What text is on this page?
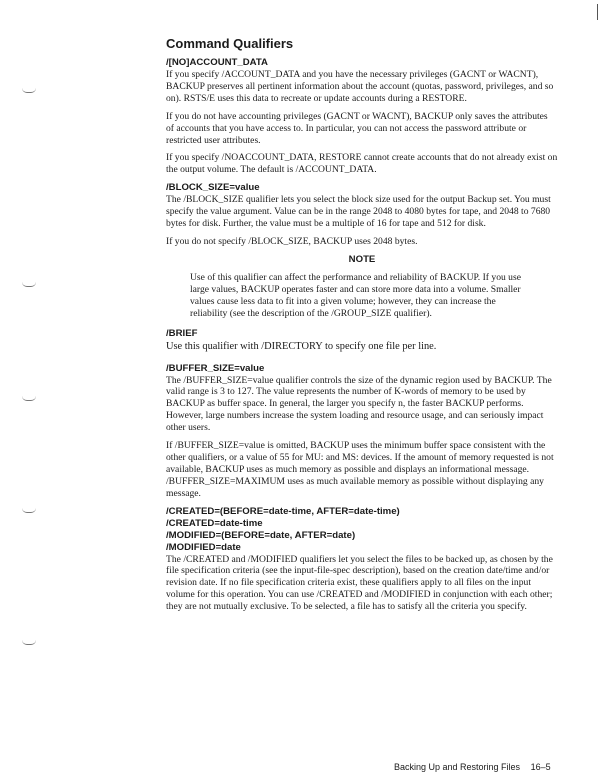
Command Qualifiers
/[NO]ACCOUNT_DATA

If you specify /ACCOUNT_DATA and you have the necessary privileges (GACNT or WACNT), BACKUP preserves all pertinent information about the account (quotas, password, privileges, and so on). RSTS/E uses this data to recreate or update accounts during a RESTORE.

If you do not have accounting privileges (GACNT or WACNT), BACKUP only saves the attributes of accounts that you have access to. In particular, you can not access the password attribute or restricted user attributes.

If you specify /NOACCOUNT_DATA, RESTORE cannot create accounts that do not already exist on the output volume. The default is /ACCOUNT_DATA.

/BLOCK_SIZE=value

The /BLOCK_SIZE qualifier lets you select the block size used for the output Backup set. You must specify the value argument. Value can be in the range 2048 to 4080 bytes for tape, and 2048 to 7680 bytes for disk. Further, the value must be a multiple of 16 for tape and 512 for disk.

If you do not specify /BLOCK_SIZE, BACKUP uses 2048 bytes.

NOTE

Use of this qualifier can affect the performance and reliability of BACKUP. If you use large values, BACKUP operates faster and can store more data into a volume. Smaller values cause less data to fit into a given volume; however, they can increase the reliability (see the description of the /GROUP_SIZE qualifier).

/BRIEF

Use this qualifier with /DIRECTORY to specify one file per line.

/BUFFER_SIZE=value

The /BUFFER_SIZE=value qualifier controls the size of the dynamic region used by BACKUP. The valid range is 3 to 127. The value represents the number of K-words of memory to be used by BACKUP as buffer space. In general, the larger you specify n, the faster BACKUP performs. However, large numbers increase the system loading and resource usage, and can seriously impact other users.

If /BUFFER_SIZE=value is omitted, BACKUP uses the minimum buffer space consistent with the other qualifiers, or a value of 55 for MU: and MS: devices. If the amount of memory requested is not available, BACKUP uses as much memory as possible and displays an informational message. /BUFFER_SIZE=MAXIMUM uses as much available memory as possible without displaying any message.

/CREATED=(BEFORE=date-time, AFTER=date-time)
/CREATED=date-time
/MODIFIED=(BEFORE=date, AFTER=date)
/MODIFIED=date

The /CREATED and /MODIFIED qualifiers let you select the files to be backed up, as chosen by the file specification criteria (see the input-file-spec description), based on the creation date/time and/or revision date. If no file specification criteria exist, these qualifiers apply to all files on the input volume for this operation. You can use /CREATED and /MODIFIED in conjunction with each other; they are not mutually exclusive. To be selected, a file has to satisfy all the criteria you specify.

Backing Up and Restoring Files 16–5
